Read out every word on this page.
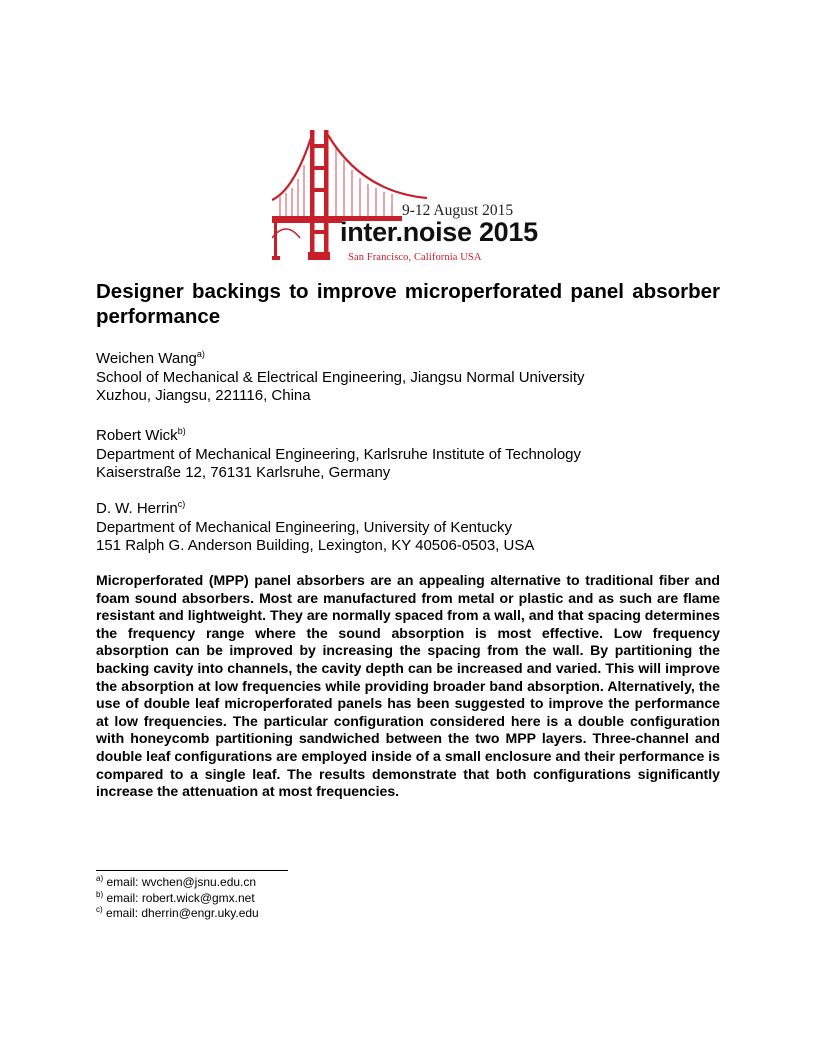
9-12 August 2015
inter.noise 2015
San Francisco, California USA
Designer backings to improve microperforated panel absorber performance
Weichen Wang$^{a)}$
School of Mechanical & Electrical Engineering, Jiangsu Normal University
Xuzhou, Jiangsu, 221116, China
Robert Wick$^{b)}$
Department of Mechanical Engineering, Karlsruhe Institute of Technology
Kaiserstraße 12, 76131 Karlsruhe, Germany
D. W. Herrin$^{c)}$
Department of Mechanical Engineering, University of Kentucky
151 Ralph G. Anderson Building, Lexington, KY 40506-0503, USA
Microperforated (MPP) panel absorbers are an appealing alternative to traditional fiber and foam sound absorbers. Most are manufactured from metal or plastic and as such are flame resistant and lightweight. They are normally spaced from a wall, and that spacing determines the frequency range where the sound absorption is most effective. Low frequency absorption can be improved by increasing the spacing from the wall. By partitioning the backing cavity into channels, the cavity depth can be increased and varied. This will improve the absorption at low frequencies while providing broader band absorption. Alternatively, the use of double leaf microperforated panels has been suggested to improve the performance at low frequencies. The particular configuration considered here is a double configuration with honeycomb partitioning sandwiched between the two MPP layers. Three-channel and double leaf configurations are employed inside of a small enclosure and their performance is compared to a single leaf. The results demonstrate that both configurations significantly increase the attenuation at most frequencies.
$^{a)}$ email: wvchen@jsnu.edu.cn
$^{b)}$ email: robert.wick@gmx.net
$^{c)}$ email: dherrin@engr.uky.edu
